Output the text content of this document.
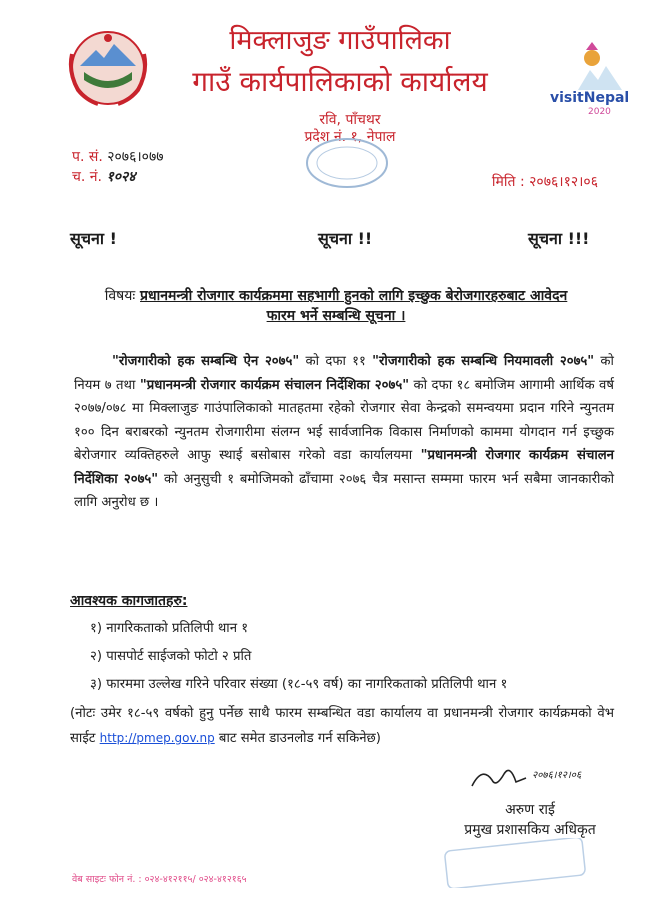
मिक्लाजुङ गाउँपालिका
गाउँ कार्यपालिकाको कार्यालय
रवि, पाँचथर
प्रदेश नं. १, नेपाल
visitNepal
2020
प. सं. २०७६।०७७
च. नं. १०२४	मिति : २०७६।१२।०६
सूचना !	सूचना !!	सूचना !!!
विषयः प्रधानमन्त्री रोजगार कार्यक्रममा सहभागी हुनको लागि इच्छुक बेरोजगारहरुबाट आवेदन
फारम भर्ने सम्बन्धि सूचना ।
"रोजगारीको हक सम्बन्धि ऐन २०७५" को दफा ११ "रोजगारीको हक सम्बन्धि नियमावली २०७५" को नियम ७ तथा "प्रधानमन्त्री रोजगार कार्यक्रम संचालन निर्देशिका २०७५" को दफा १८ बमोजिम आगामी आर्थिक वर्ष २०७७/०७८ मा मिक्लाजुङ गाउंपालिकाको मातहतमा रहेको रोजगार सेवा केन्द्रको समन्वयमा प्रदान गरिने न्युनतम १०० दिन बराबरको न्युनतम रोजगारीमा संलग्न भई सार्वजानिक विकास निर्माणको काममा योगदान गर्न इच्छुक बेरोजगार व्यक्तिहरुले आफु स्थाई बसोबास गरेको वडा कार्यालयमा "प्रधानमन्त्री रोजगार कार्यक्रम संचालन निर्देशिका २०७५" को अनुसुची १ बमोजिमको ढाँचामा २०७६ चैत्र मसान्त सम्ममा फारम भर्न सबैमा जानकारीको लागि अनुरोध छ ।
आवश्यक कागजातहरु:
१) नागरिकताको प्रतिलिपी थान १
२) पासपोर्ट साईजको फोटो २ प्रति
३) फारममा उल्लेख गरिने परिवार संख्या (१८-५९ वर्ष) का नागरिकताको प्रतिलिपी थान १
(नोटः उमेर १८-५९ वर्षको हुनु पर्नेछ साथै फारम सम्बन्धित वडा कार्यालय वा प्रधानमन्त्री रोजगार कार्यक्रमको वेभ साईट http://pmep.gov.np बाट समेत डाउनलोड गर्न सकिनेछ)
२०७६।१२।०६
अरुण राई
प्रमुख प्रशासकिय अधिकृत
वेब साइटः फोन नं. : ०२४-४१२११५/ ०२४-४१२१६५
